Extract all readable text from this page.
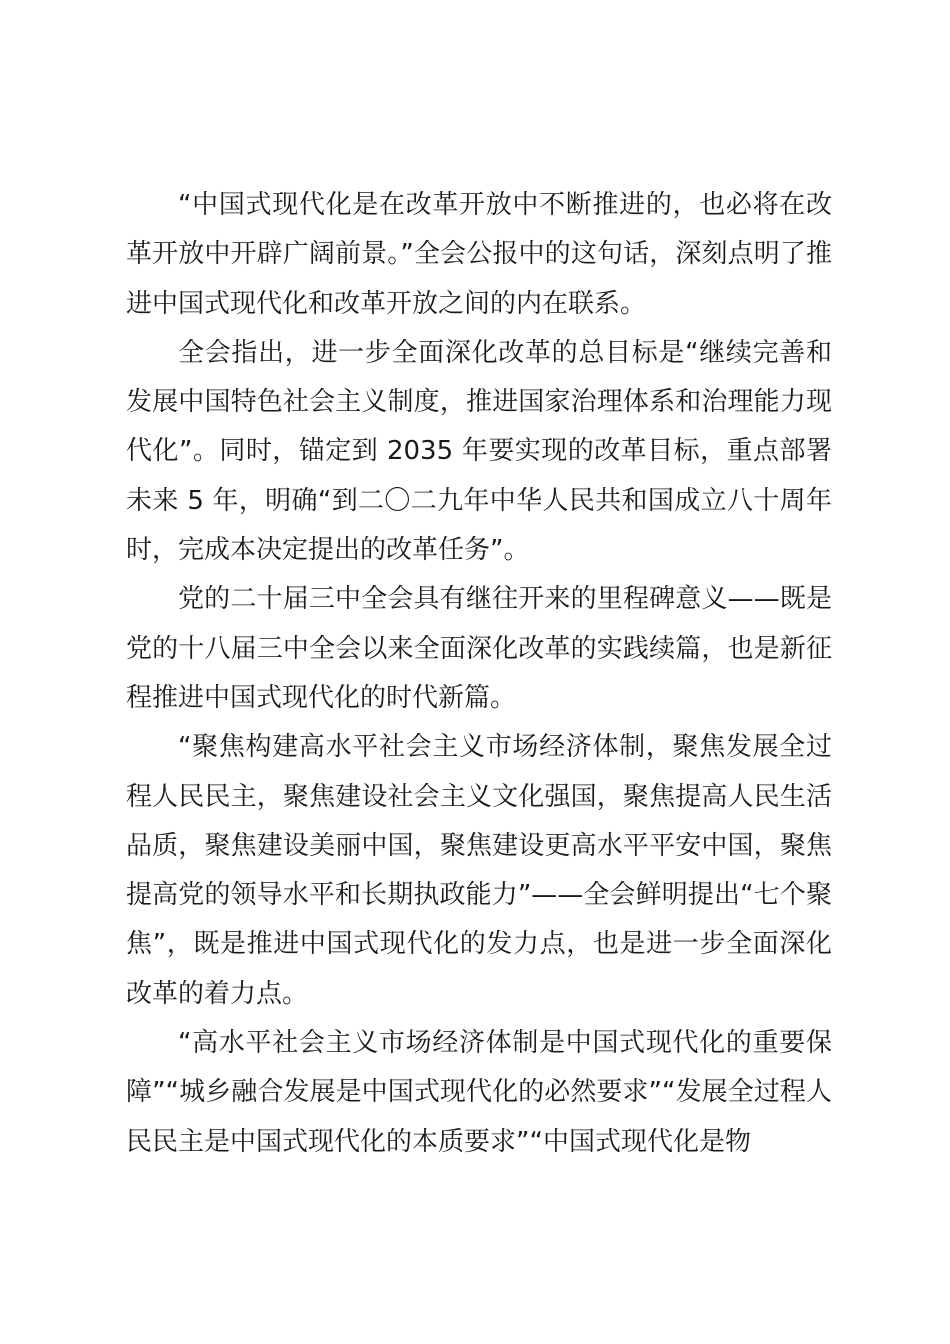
“中国式现代化是在改革开放中不断推进的，也必将在改革开放中开辟广阔前景。”全会公报中的这句话，深刻点明了推进中国式现代化和改革开放之间的内在联系。

全会指出，进一步全面深化改革的总目标是“继续完善和发展中国特色社会主义制度，推进国家治理体系和治理能力现代化”。同时，锚定到 2035 年要实现的改革目标，重点部署未来 5 年，明确“到二〇二九年中华人民共和国成立八十周年时，完成本决定提出的改革任务”。

党的二十届三中全会具有继往开来的里程碑意义——既是党的十八届三中全会以来全面深化改革的实践续篇，也是新征程推进中国式现代化的时代新篇。

“聚焦构建高水平社会主义市场经济体制，聚焦发展全过程人民民主，聚焦建设社会主义文化强国，聚焦提高人民生活品质，聚焦建设美丽中国，聚焦建设更高水平平安中国，聚焦提高党的领导水平和长期执政能力”——全会鲜明提出“七个聚焦”，既是推进中国式现代化的发力点，也是进一步全面深化改革的着力点。

“高水平社会主义市场经济体制是中国式现代化的重要保障”“城乡融合发展是中国式现代化的必然要求”“发展全过程人民民主是中国式现代化的本质要求”“中国式现代化是物
